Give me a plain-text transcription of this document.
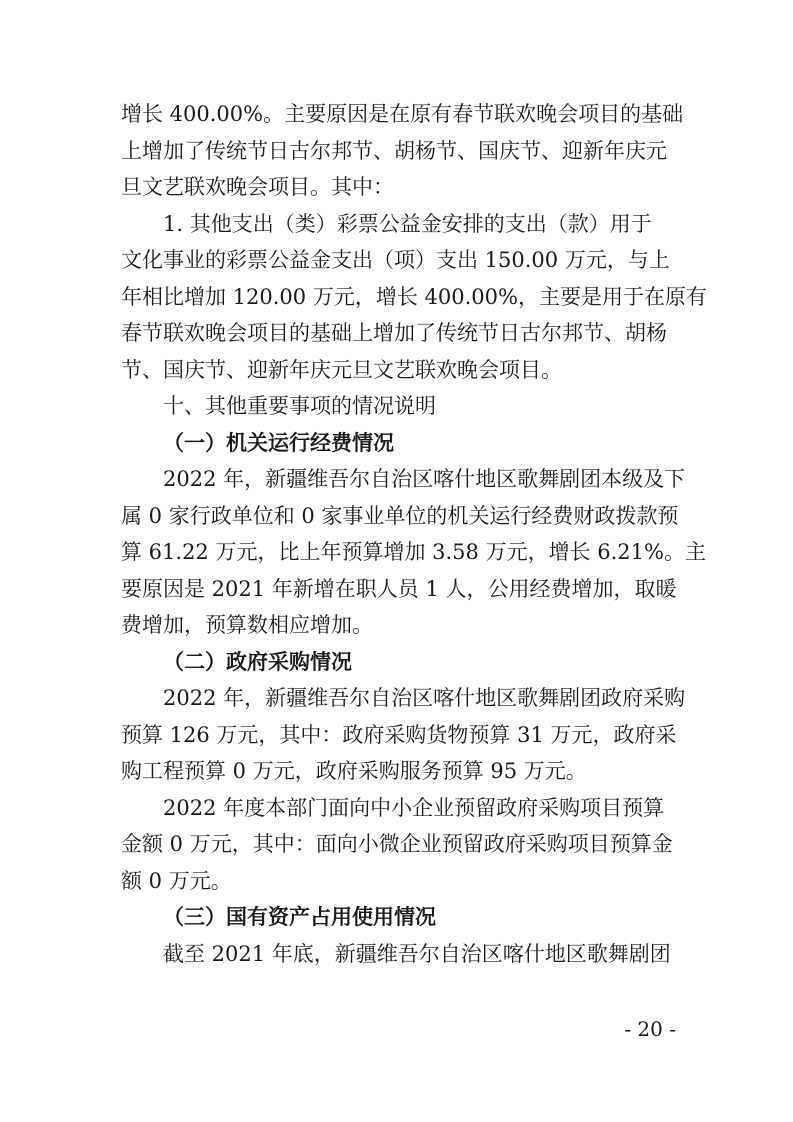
增长 400.00%。主要原因是在原有春节联欢晚会项目的基础
上增加了传统节日古尔邦节、胡杨节、国庆节、迎新年庆元
旦文艺联欢晚会项目。其中：
1. 其他支出（类）彩票公益金安排的支出（款）用于
文化事业的彩票公益金支出（项）支出 150.00 万元，与上
年相比增加 120.00 万元，增长 400.00%，主要是用于在原有
春节联欢晚会项目的基础上增加了传统节日古尔邦节、胡杨
节、国庆节、迎新年庆元旦文艺联欢晚会项目。
十、其他重要事项的情况说明
（一）机关运行经费情况
2022 年，新疆维吾尔自治区喀什地区歌舞剧团本级及下
属 0 家行政单位和 0 家事业单位的机关运行经费财政拨款预
算 61.22 万元，比上年预算增加 3.58 万元，增长 6.21%。主
要原因是 2021 年新增在职人员 1 人，公用经费增加，取暖
费增加，预算数相应增加。
（二）政府采购情况
2022 年，新疆维吾尔自治区喀什地区歌舞剧团政府采购
预算 126 万元，其中：政府采购货物预算 31 万元，政府采
购工程预算 0 万元，政府采购服务预算 95 万元。
2022 年度本部门面向中小企业预留政府采购项目预算
金额 0 万元，其中：面向小微企业预留政府采购项目预算金
额 0 万元。
（三）国有资产占用使用情况
截至 2021 年底，新疆维吾尔自治区喀什地区歌舞剧团
- 20 -
